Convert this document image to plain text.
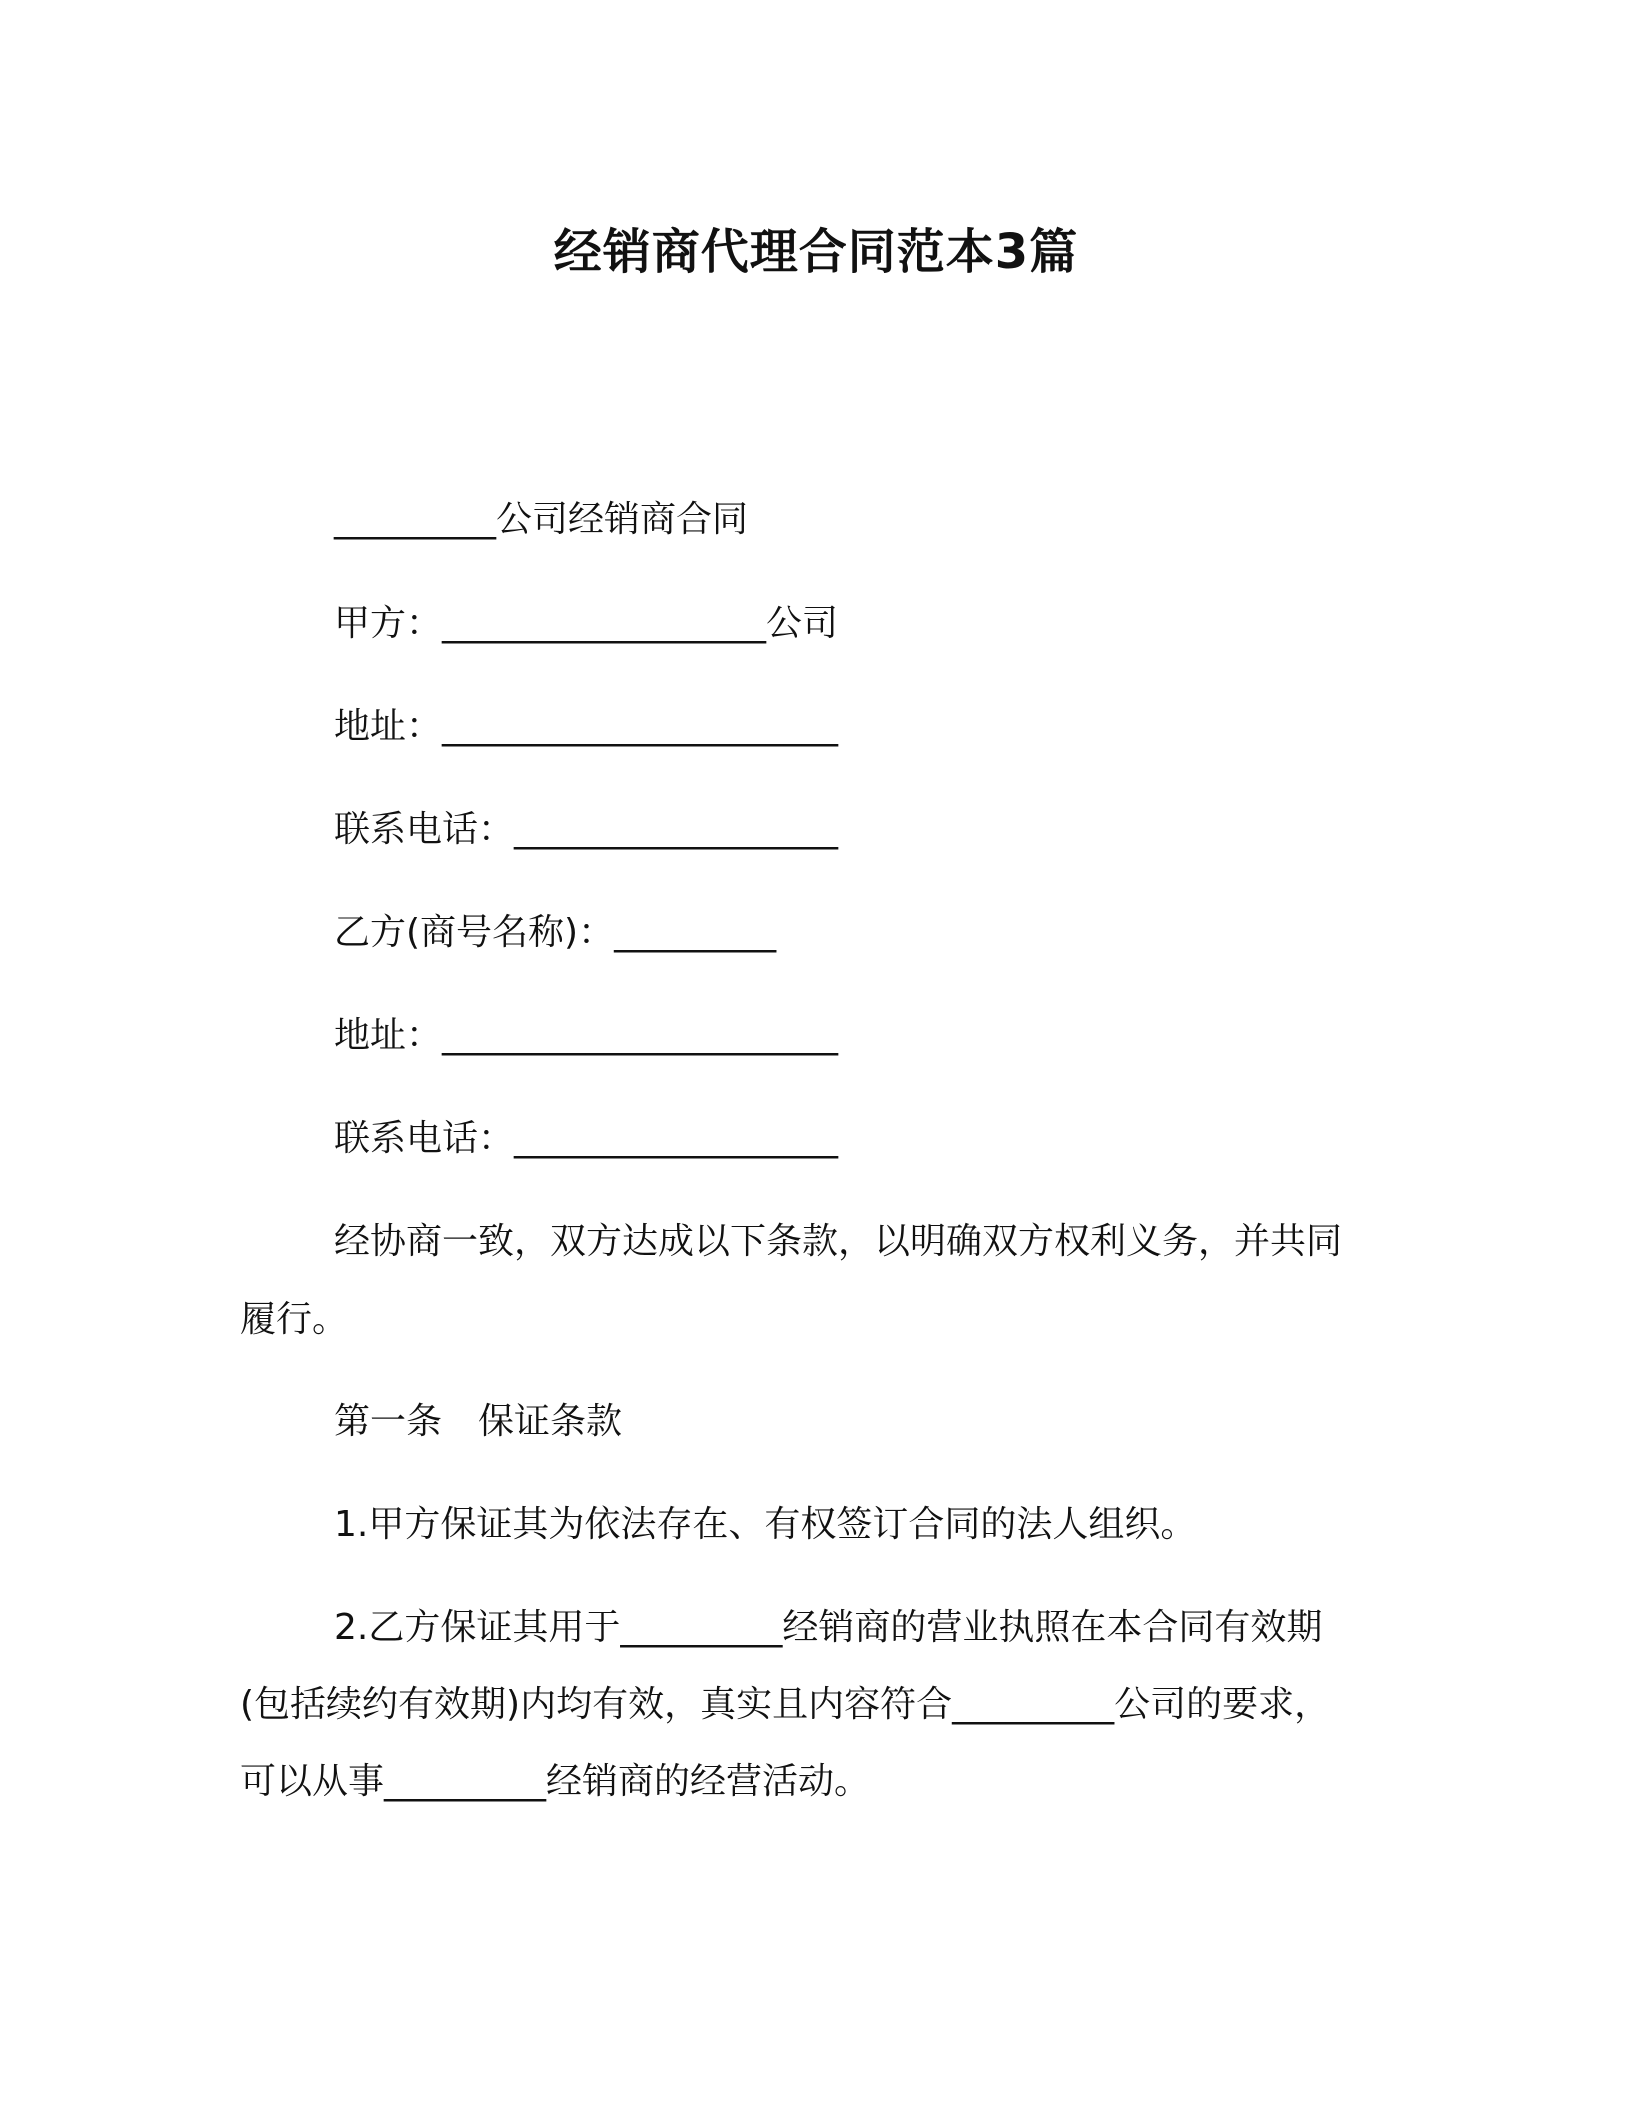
经销商代理合同范本3篇
_________公司经销商合同
甲方：__________________公司
地址：______________________
联系电话：__________________
乙方(商号名称)：_________
地址：______________________
联系电话：__________________
经协商一致，双方达成以下条款，以明确双方权利义务，并共同
履行。
第一条　保证条款
1.甲方保证其为依法存在、有权签订合同的法人组织。
2.乙方保证其用于_________经销商的营业执照在本合同有效期
(包括续约有效期)内均有效，真实且内容符合_________公司的要求，
可以从事_________经销商的经营活动。
